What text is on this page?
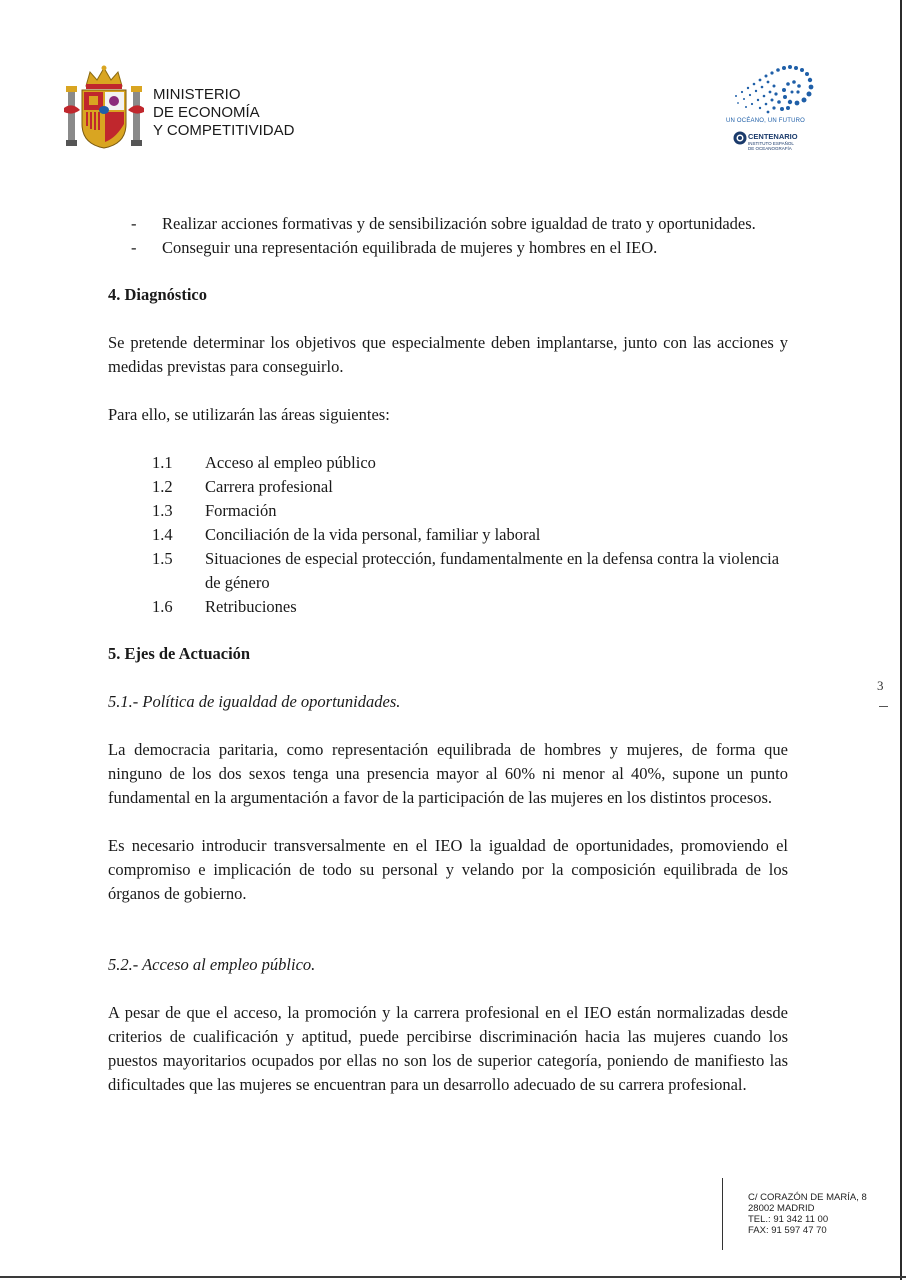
MINISTERIO
DE ECONOMÍA
Y COMPETITIVIDAD
UN OCÉANO, UN FUTURO
CENTENARIO
INSTITUTO ESPAÑOL
DE OCEANOGRAFÍA
- Realizar acciones formativas y de sensibilización sobre igualdad de trato y oportunidades.
- Conseguir una representación equilibrada de mujeres y hombres en el IEO.
4. Diagnóstico
Se pretende determinar los objetivos que especialmente deben implantarse, junto con las acciones y medidas previstas para conseguirlo.
Para ello, se utilizarán las áreas siguientes:
1.1 Acceso al empleo público
1.2 Carrera profesional
1.3 Formación
1.4 Conciliación de la vida personal, familiar y laboral
1.5 Situaciones de especial protección, fundamentalmente en la defensa contra la violencia de género
1.6 Retribuciones
5. Ejes de Actuación
5.1.- Política de igualdad de oportunidades.
La democracia paritaria, como representación equilibrada de hombres y mujeres, de forma que ninguno de los dos sexos tenga una presencia mayor al 60% ni menor al 40%, supone un punto fundamental en la argumentación a favor de la participación de las mujeres en los distintos procesos.
Es necesario introducir transversalmente en el IEO la igualdad de oportunidades, promoviendo el compromiso e implicación de todo su personal y velando por la composición equilibrada de los órganos de gobierno.
5.2.- Acceso al empleo público.
A pesar de que el acceso, la promoción y la carrera profesional en el IEO están normalizadas desde criterios de cualificación y aptitud, puede percibirse discriminación hacia las mujeres cuando los puestos mayoritarios ocupados por ellas no son los de superior categoría, poniendo de manifiesto las dificultades que las mujeres se encuentran para un desarrollo adecuado de su carrera profesional.
3
C/ CORAZÓN DE MARÍA, 8
28002 MADRID
TEL.: 91 342 11 00
FAX: 91 597 47 70
